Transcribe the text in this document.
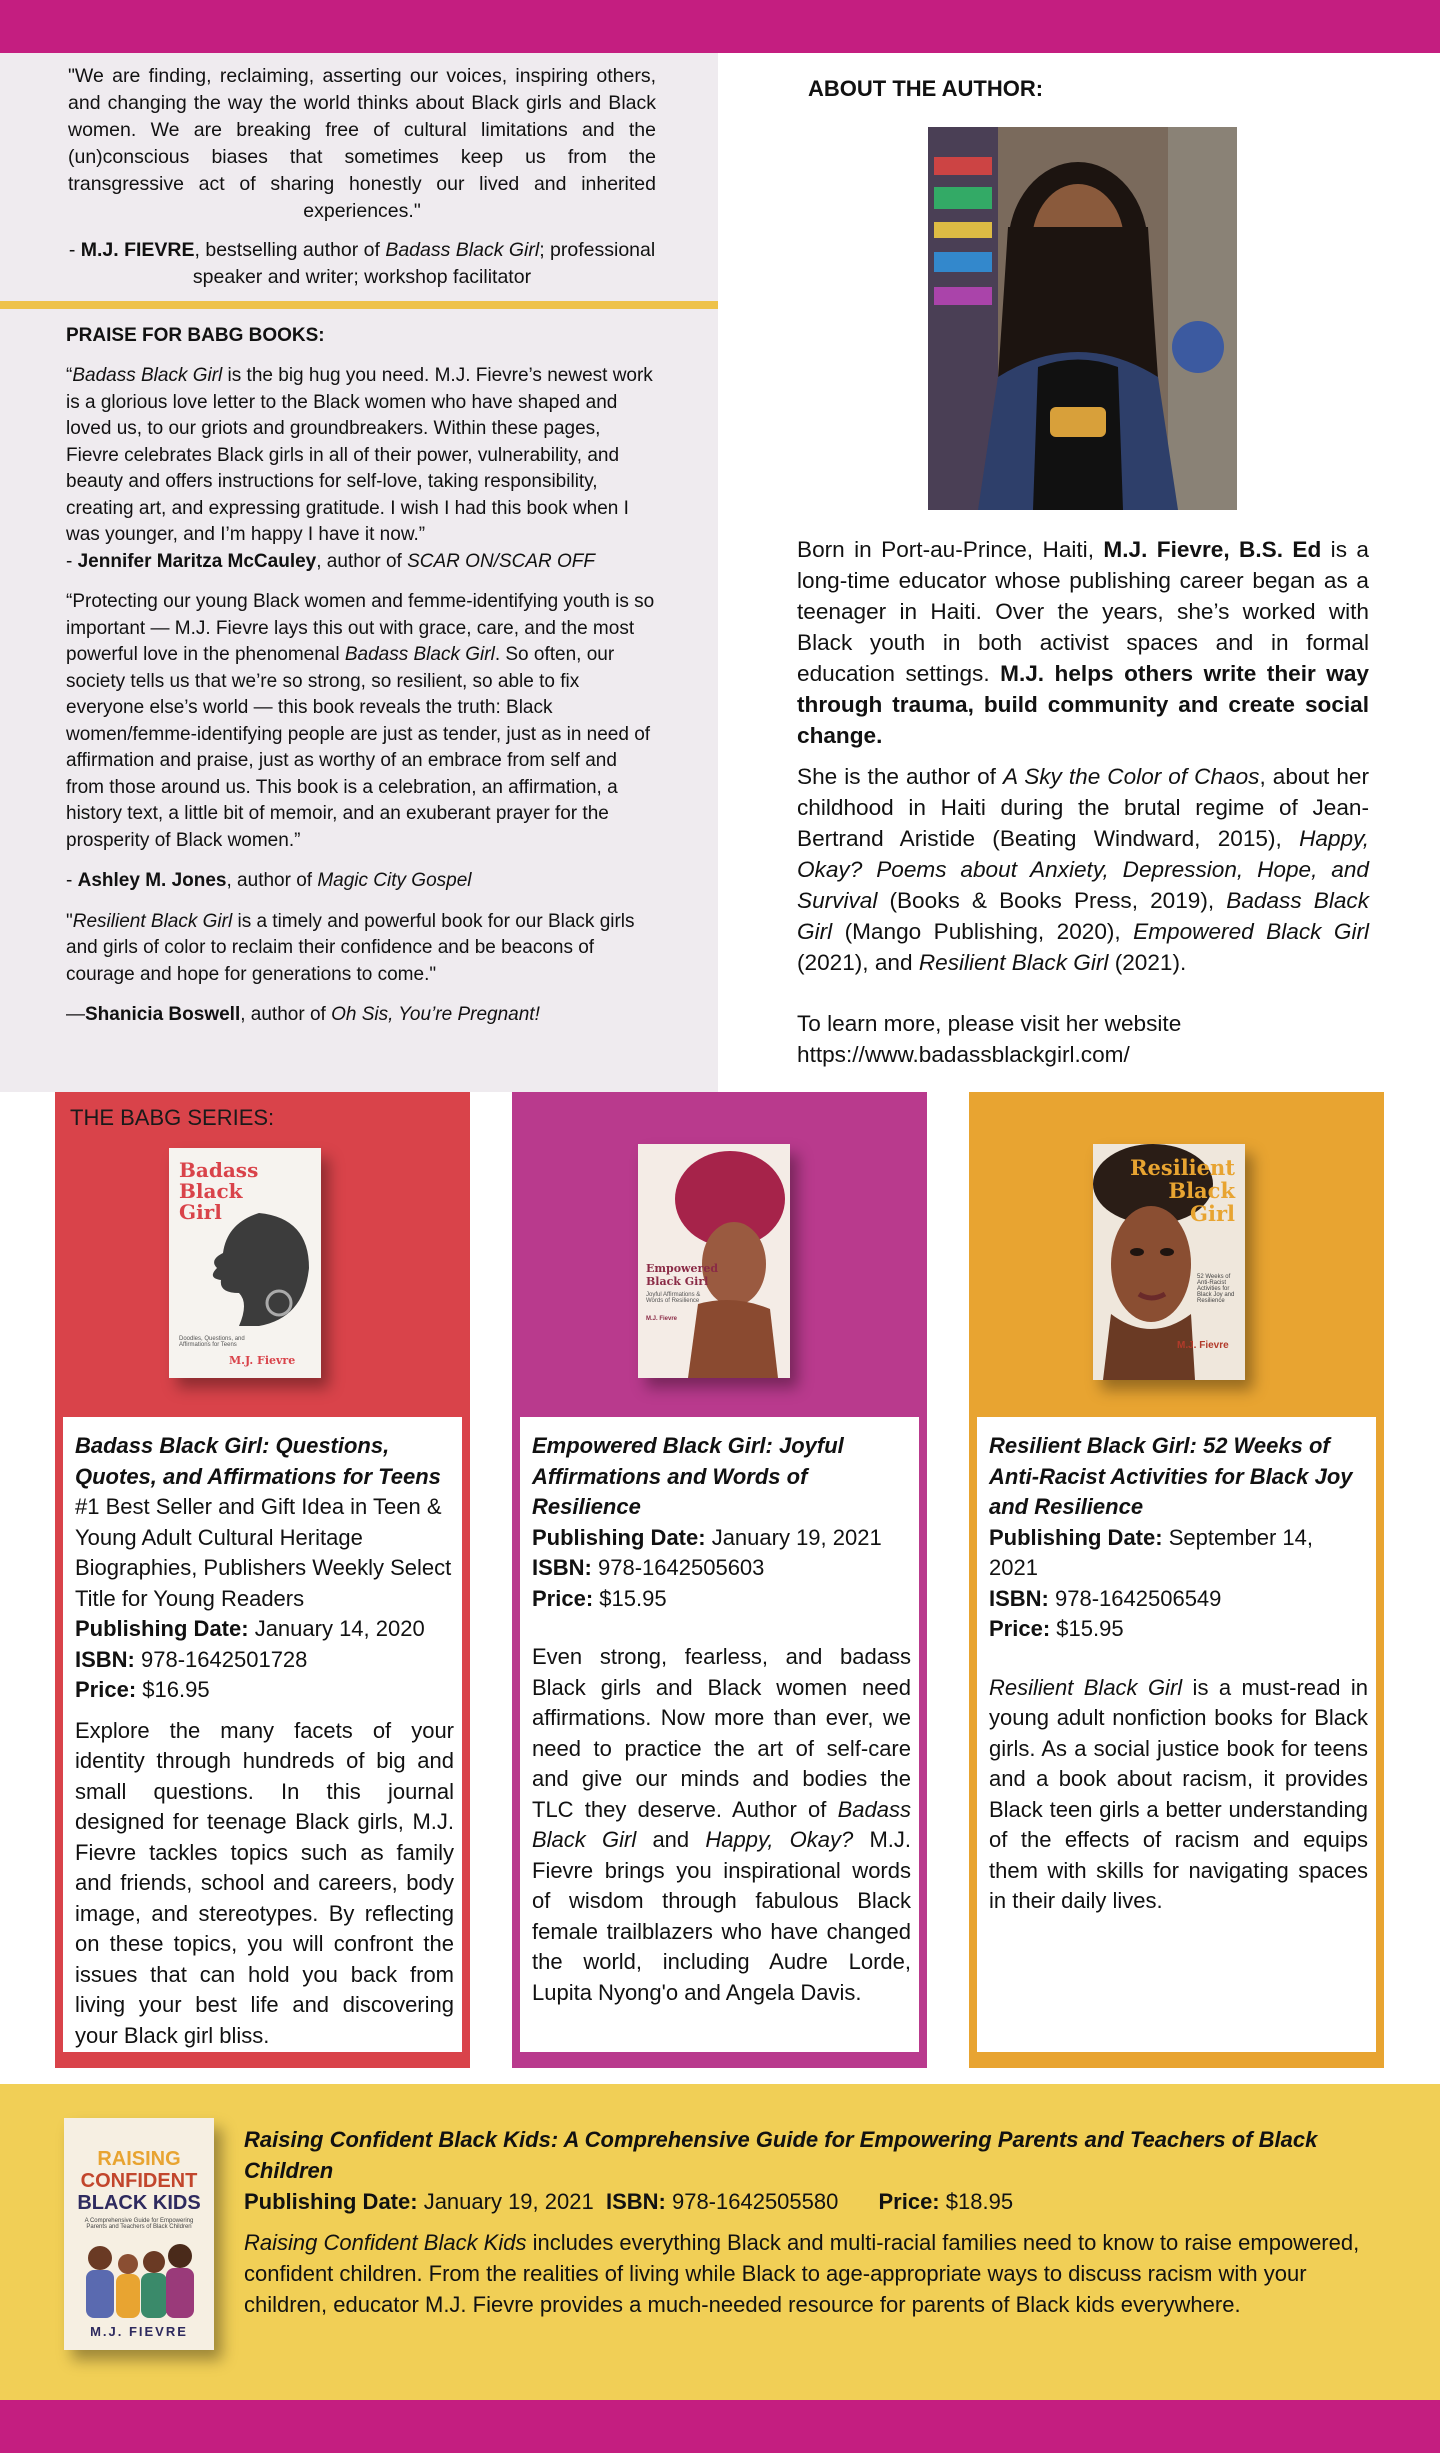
"We are finding, reclaiming, asserting our voices, inspiring others, and changing the way the world thinks about Black girls and Black women. We are breaking free of cultural limitations and the (un)conscious biases that sometimes keep us from the transgressive act of sharing honestly our lived and inherited experiences."

- M.J. FIEVRE, bestselling author of Badass Black Girl; professional speaker and writer; workshop facilitator

PRAISE FOR BABG BOOKS:

“Badass Black Girl is the big hug you need. M.J. Fievre’s newest work is a glorious love letter to the Black women who have shaped and loved us, to our griots and groundbreakers. Within these pages, Fievre celebrates Black girls in all of their power, vulnerability, and beauty and offers instructions for self-love, taking responsibility, creating art, and expressing gratitude. I wish I had this book when I was younger, and I’m happy I have it now.”

- Jennifer Maritza McCauley, author of SCAR ON/SCAR OFF

“Protecting our young Black women and femme-identifying youth is so important — M.J. Fievre lays this out with grace, care, and the most powerful love in the phenomenal Badass Black Girl. So often, our society tells us that we’re so strong, so resilient, so able to fix everyone else’s world — this book reveals the truth: Black women/femme-identifying people are just as tender, just as in need of affirmation and praise, just as worthy of an embrace from self and from those around us. This book is a celebration, an affirmation, a history text, a little bit of memoir, and an exuberant prayer for the prosperity of Black women.”

- Ashley M. Jones, author of Magic City Gospel

"Resilient Black Girl is a timely and powerful book for our Black girls and girls of color to reclaim their confidence and be beacons of courage and hope for generations to come."

—Shanicia Boswell, author of Oh Sis, You’re Pregnant!

ABOUT THE AUTHOR:

Born in Port-au-Prince, Haiti, M.J. Fievre, B.S. Ed is a long-time educator whose publishing career began as a teenager in Haiti. Over the years, she’s worked with Black youth in both activist spaces and in formal education settings. M.J. helps others write their way through trauma, build community and create social change.

She is the author of A Sky the Color of Chaos, about her childhood in Haiti during the brutal regime of Jean-Bertrand Aristide (Beating Windward, 2015), Happy, Okay? Poems about Anxiety, Depression, Hope, and Survival (Books & Books Press, 2019), Badass Black Girl (Mango Publishing, 2020), Empowered Black Girl (2021), and Resilient Black Girl (2021).

To learn more, please visit her website
https://www.badassblackgirl.com/

Badass
Black
Girl
Doodles, Questions, and Affirmations for Teens
M.J. Fievre
Badass Black Girl: Questions, Quotes, and Affirmations for Teens
#1 Best Seller and Gift Idea in Teen & Young Adult Cultural Heritage Biographies, Publishers Weekly Select Title for Young Readers
Publishing Date: January 14, 2020
ISBN: 978-1642501728
Price: $16.95
Explore the many facets of your identity through hundreds of big and small questions. In this journal designed for teenage Black girls, M.J. Fievre tackles topics such as family and friends, school and careers, body image, and stereotypes. By reflecting on these topics, you will confront the issues that can hold you back from living your best life and discovering your Black girl bliss.
THE BABG SERIES:
Empowered
Black Girl
Joyful Affirmations & Words of Resilience
M.J. Fievre
Empowered Black Girl: Joyful Affirmations and Words of Resilience
Publishing Date: January 19, 2021
ISBN: 978-1642505603
Price: $15.95
Even strong, fearless, and badass Black girls and Black women need affirmations. Now more than ever, we need to practice the art of self-care and give our minds and bodies the TLC they deserve. Author of Badass Black Girl and Happy, Okay? M.J. Fievre brings you inspirational words of wisdom through fabulous Black female trailblazers who have changed the world, including Audre Lorde, Lupita Nyong'o and Angela Davis.
Resilient
Black
Girl
52 Weeks of Anti-Racist Activities for Black Joy and Resilience
M.J. Fievre
Resilient Black Girl: 52 Weeks of Anti-Racist Activities for Black Joy and Resilience
Publishing Date: September 14, 2021
ISBN: 978-1642506549
Price: $15.95
Resilient Black Girl is a must-read in young adult nonfiction books for Black girls. As a social justice book for teens and a book about racism, it provides Black teen girls a better understanding of the effects of racism and equips them with skills for navigating spaces in their daily lives.
RAISING
CONFIDENT
BLACK KIDS
A Comprehensive Guide for Empowering Parents and Teachers of Black Children
M.J. FIEVRE
Raising Confident Black Kids: A Comprehensive Guide for Empowering Parents and Teachers of Black Children
Publishing Date: January 19, 2021 ISBN: 978-1642505580 Price: $18.95
Raising Confident Black Kids includes everything Black and multi-racial families need to know to raise empowered, confident children. From the realities of living while Black to age-appropriate ways to discuss racism with your children, educator M.J. Fievre provides a much-needed resource for parents of Black kids everywhere.
